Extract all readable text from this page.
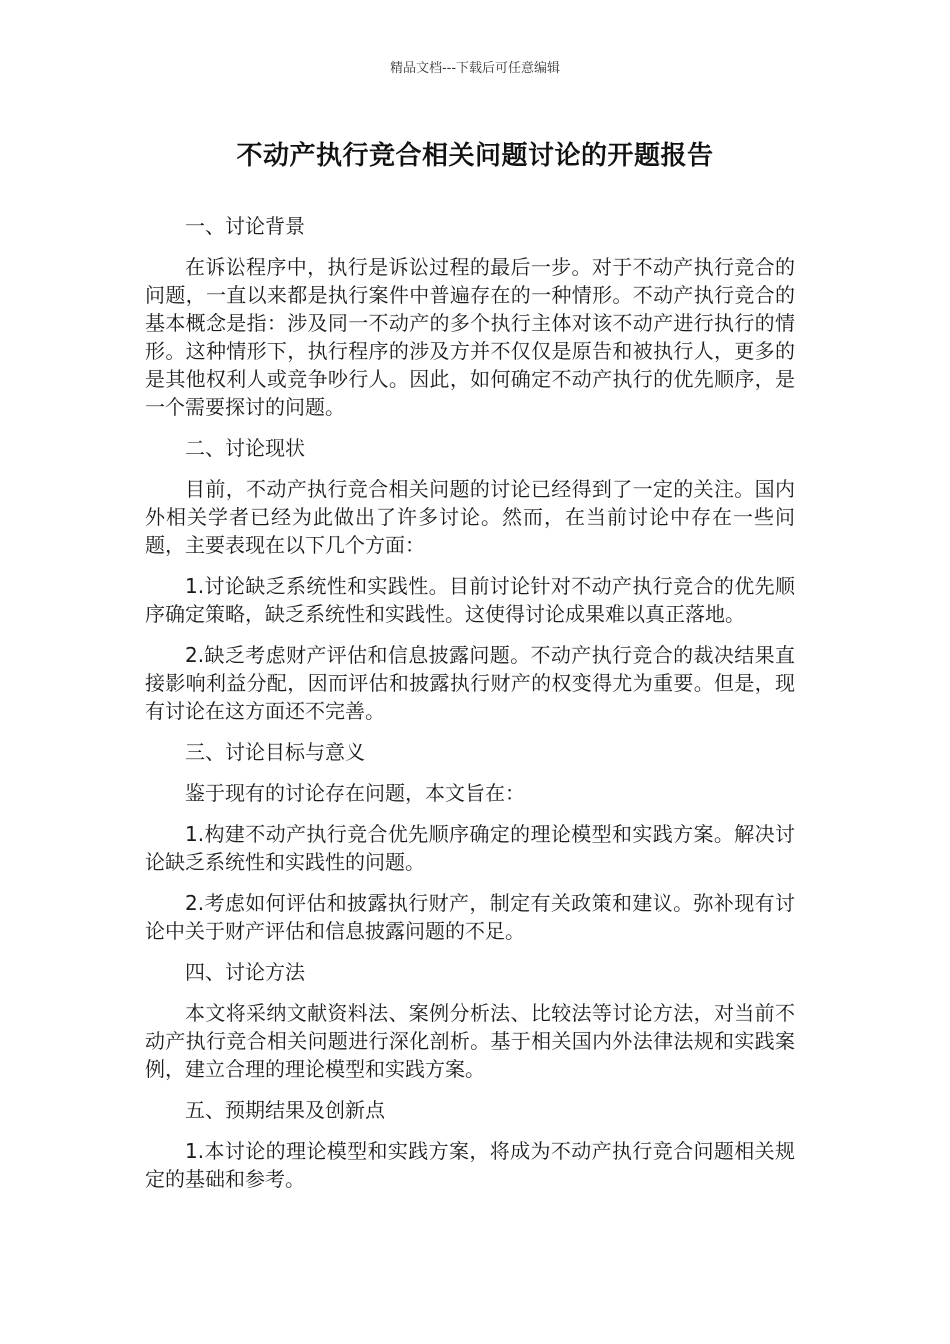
精品文档---下载后可任意编辑
不动产执行竞合相关问题讨论的开题报告

一、讨论背景

在诉讼程序中，执行是诉讼过程的最后一步。对于不动产执行竞合的问题，一直以来都是执行案件中普遍存在的一种情形。不动产执行竞合的基本概念是指：涉及同一不动产的多个执行主体对该不动产进行执行的情形。这种情形下，执行程序的涉及方并不仅仅是原告和被执行人，更多的是其他权利人或竞争吵行人。因此，如何确定不动产执行的优先顺序，是一个需要探讨的问题。

二、讨论现状

目前，不动产执行竞合相关问题的讨论已经得到了一定的关注。国内外相关学者已经为此做出了许多讨论。然而，在当前讨论中存在一些问题，主要表现在以下几个方面：

1.讨论缺乏系统性和实践性。目前讨论针对不动产执行竞合的优先顺序确定策略，缺乏系统性和实践性。这使得讨论成果难以真正落地。

2.缺乏考虑财产评估和信息披露问题。不动产执行竞合的裁决结果直接影响利益分配，因而评估和披露执行财产的权变得尤为重要。但是，现有讨论在这方面还不完善。

三、讨论目标与意义

鉴于现有的讨论存在问题，本文旨在：

1.构建不动产执行竞合优先顺序确定的理论模型和实践方案。解决讨论缺乏系统性和实践性的问题。

2.考虑如何评估和披露执行财产，制定有关政策和建议。弥补现有讨论中关于财产评估和信息披露问题的不足。

四、讨论方法

本文将采纳文献资料法、案例分析法、比较法等讨论方法，对当前不动产执行竞合相关问题进行深化剖析。基于相关国内外法律法规和实践案例，建立合理的理论模型和实践方案。

五、预期结果及创新点

1.本讨论的理论模型和实践方案，将成为不动产执行竞合问题相关规定的基础和参考。
